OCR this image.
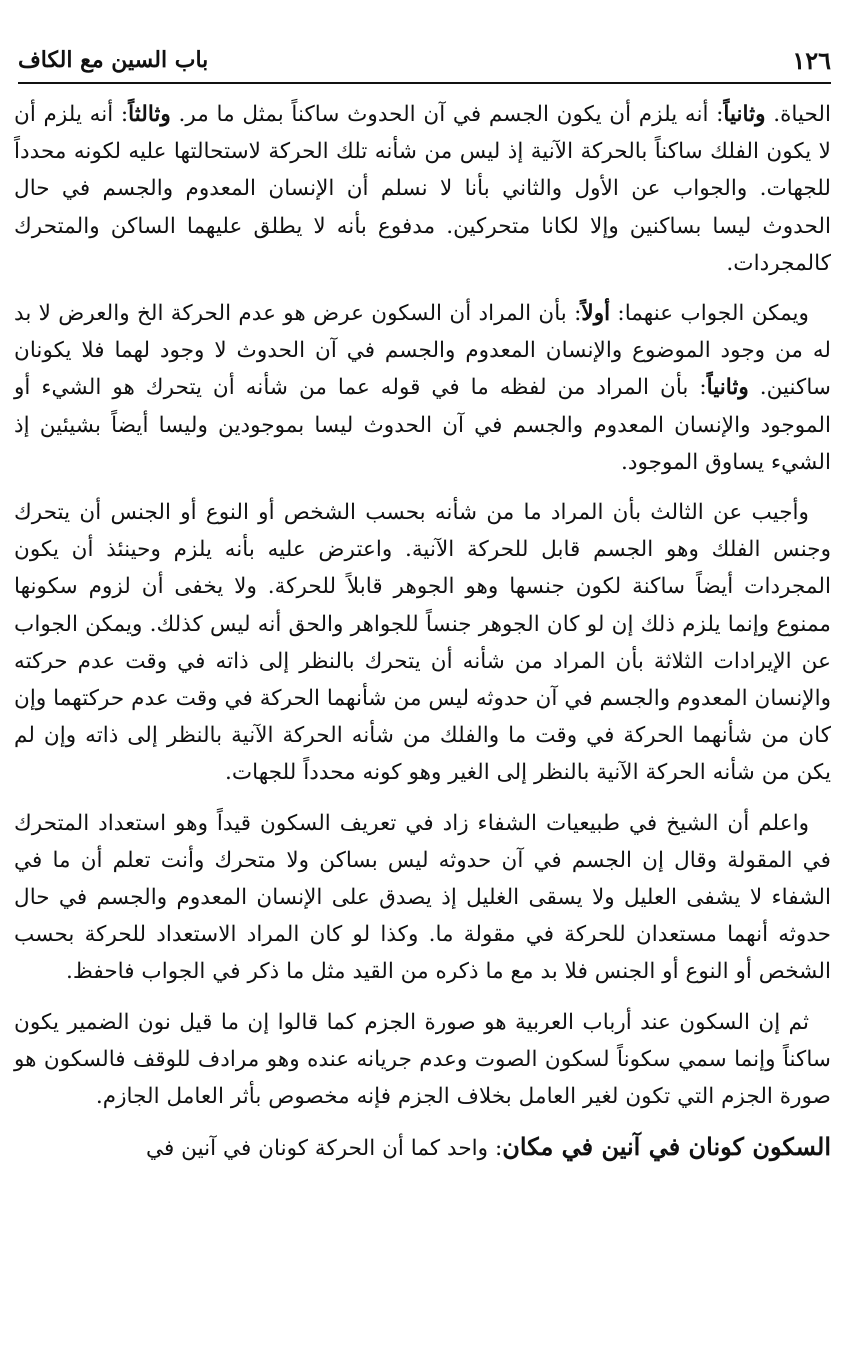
١٢٦
باب السين مع الكاف

الحياة. وثانياً: أنه يلزم أن يكون الجسم في آن الحدوث ساكناً بمثل ما مر. وثالثاً: أنه يلزم أن لا يكون الفلك ساكناً بالحركة الآنية إذ ليس من شأنه تلك الحركة لاستحالتها عليه لكونه محدداً للجهات. والجواب عن الأول والثاني بأنا لا نسلم أن الإنسان المعدوم والجسم في حال الحدوث ليسا بساكنين وإلا لكانا متحركين. مدفوع بأنه لا يطلق عليهما الساكن والمتحرك كالمجردات.

ويمكن الجواب عنهما: أولاً: بأن المراد أن السكون عرض هو عدم الحركة الخ والعرض لا بد له من وجود الموضوع والإنسان المعدوم والجسم في آن الحدوث لا وجود لهما فلا يكونان ساكنين. وثانياً: بأن المراد من لفظه ما في قوله عما من شأنه أن يتحرك هو الشيء أو الموجود والإنسان المعدوم والجسم في آن الحدوث ليسا بموجودين وليسا أيضاً بشيئين إذ الشيء يساوق الموجود.

وأجيب عن الثالث بأن المراد ما من شأنه بحسب الشخص أو النوع أو الجنس أن يتحرك وجنس الفلك وهو الجسم قابل للحركة الآنية. واعترض عليه بأنه يلزم وحينئذ أن يكون المجردات أيضاً ساكنة لكون جنسها وهو الجوهر قابلاً للحركة. ولا يخفى أن لزوم سكونها ممنوع وإنما يلزم ذلك إن لو كان الجوهر جنساً للجواهر والحق أنه ليس كذلك. ويمكن الجواب عن الإيرادات الثلاثة بأن المراد من شأنه أن يتحرك بالنظر إلى ذاته في وقت عدم حركته والإنسان المعدوم والجسم في آن حدوثه ليس من شأنهما الحركة في وقت عدم حركتهما وإن كان من شأنهما الحركة في وقت ما والفلك من شأنه الحركة الآنية بالنظر إلى ذاته وإن لم يكن من شأنه الحركة الآنية بالنظر إلى الغير وهو كونه محدداً للجهات.

واعلم أن الشيخ في طبيعيات الشفاء زاد في تعريف السكون قيداً وهو استعداد المتحرك في المقولة وقال إن الجسم في آن حدوثه ليس بساكن ولا متحرك وأنت تعلم أن ما في الشفاء لا يشفى العليل ولا يسقى الغليل إذ يصدق على الإنسان المعدوم والجسم في حال حدوثه أنهما مستعدان للحركة في مقولة ما. وكذا لو كان المراد الاستعداد للحركة بحسب الشخص أو النوع أو الجنس فلا بد مع ما ذكره من القيد مثل ما ذكر في الجواب فاحفظ.

ثم إن السكون عند أرباب العربية هو صورة الجزم كما قالوا إن ما قيل نون الضمير يكون ساكناً وإنما سمي سكوناً لسكون الصوت وعدم جريانه عنده وهو مرادف للوقف فالسكون هو صورة الجزم التي تكون لغير العامل بخلاف الجزم فإنه مخصوص بأثر العامل الجازم.

السكون كونان في آنين في مكان: واحد كما أن الحركة كونان في آنين في
